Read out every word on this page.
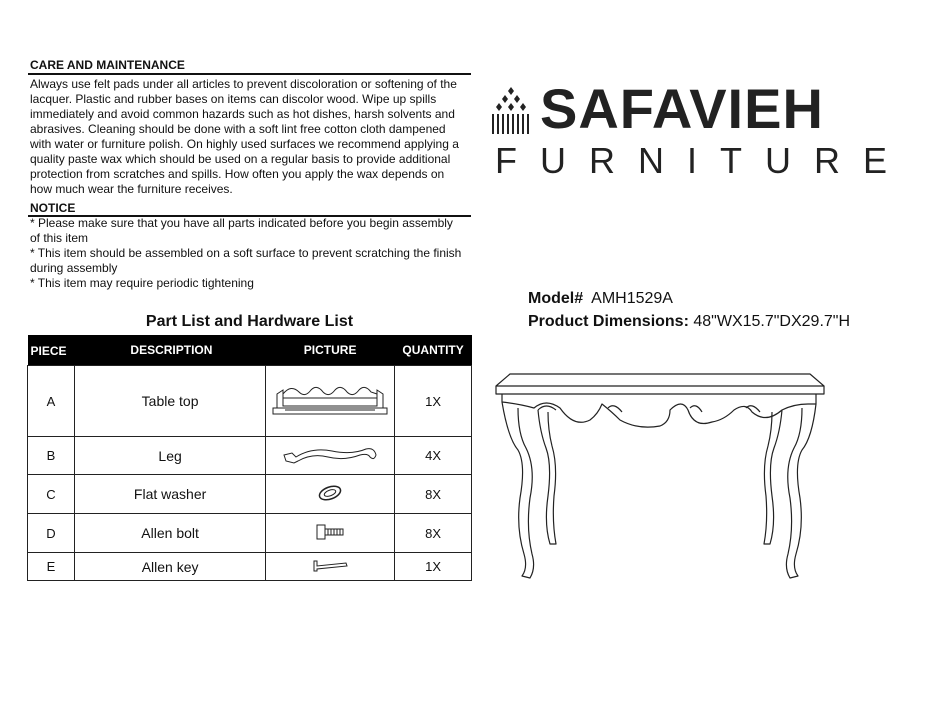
CARE AND MAINTENANCE
Always use felt pads under all articles to prevent discoloration or softening of the
lacquer. Plastic and rubber bases on items can discolor wood. Wipe up spills
immediately and avoid common hazards such as hot dishes, harsh solvents and
abrasives. Cleaning should be done with a soft lint free cotton cloth dampened
with water or furniture polish. On highly used surfaces we recommend applying a
quality paste wax which should be used on a regular basis to provide additional
protection from scratches and spills. How often you apply the wax depends on
how much wear the furniture receives.
NOTICE
* Please make sure that you have all parts indicated before you begin assembly
of this item
* This item should be assembled on a soft surface to prevent scratching the finish
during assembly
* This item may require periodic tightening
SAFAVIEH
FURNITURE
Model# AMH1529A
Product Dimensions: 48"WX15.7"DX29.7"H
Part List and Hardware List
PIECE	DESCRIPTION	PICTURE	QUANTITY
A	Table top		1X
B	Leg		4X
C	Flat washer		8X
D	Allen bolt		8X
E	Allen key		1X
